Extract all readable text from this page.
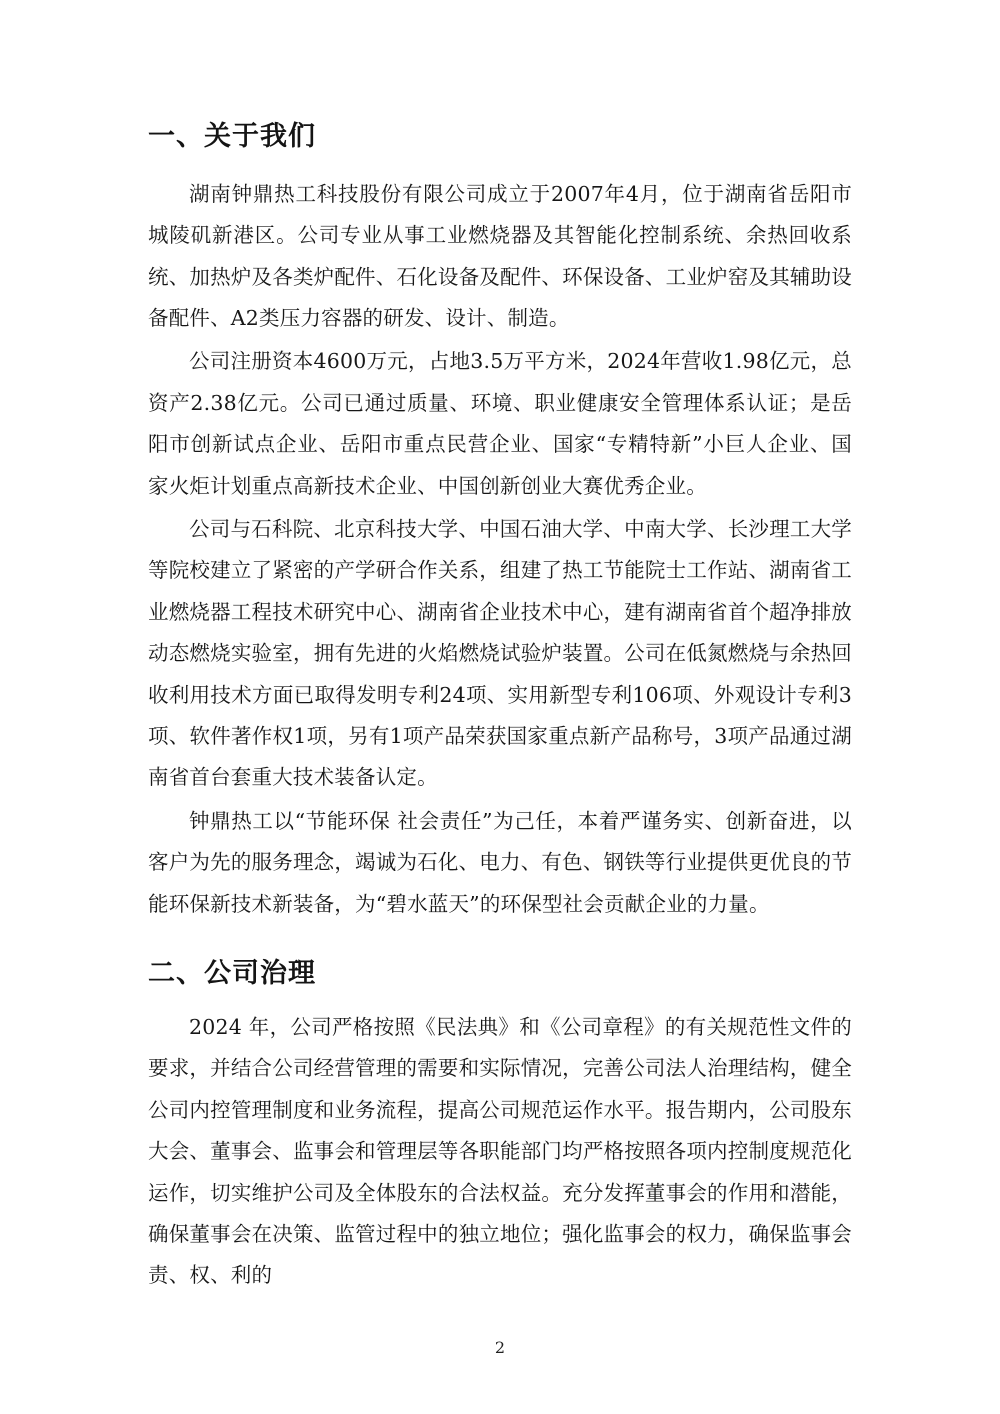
一、关于我们

湖南钟鼎热工科技股份有限公司成立于2007年4月，位于湖南省岳阳市城陵矶新港区。公司专业从事工业燃烧器及其智能化控制系统、余热回收系统、加热炉及各类炉配件、石化设备及配件、环保设备、工业炉窑及其辅助设备配件、A2类压力容器的研发、设计、制造。

公司注册资本4600万元，占地3.5万平方米，2024年营收1.98亿元，总资产2.38亿元。公司已通过质量、环境、职业健康安全管理体系认证；是岳阳市创新试点企业、岳阳市重点民营企业、国家“专精特新”小巨人企业、国家火炬计划重点高新技术企业、中国创新创业大赛优秀企业。

公司与石科院、北京科技大学、中国石油大学、中南大学、长沙理工大学等院校建立了紧密的产学研合作关系，组建了热工节能院士工作站、湖南省工业燃烧器工程技术研究中心、湖南省企业技术中心，建有湖南省首个超净排放动态燃烧实验室，拥有先进的火焰燃烧试验炉装置。公司在低氮燃烧与余热回收利用技术方面已取得发明专利24项、实用新型专利106项、外观设计专利3项、软件著作权1项，另有1项产品荣获国家重点新产品称号，3项产品通过湖南省首台套重大技术装备认定。

钟鼎热工以“节能环保 社会责任”为己任，本着严谨务实、创新奋进，以客户为先的服务理念，竭诚为石化、电力、有色、钢铁等行业提供更优良的节能环保新技术新装备，为“碧水蓝天”的环保型社会贡献企业的力量。

二、公司治理

2024 年，公司严格按照《民法典》和《公司章程》的有关规范性文件的要求，并结合公司经营管理的需要和实际情况，完善公司法人治理结构，健全公司内控管理制度和业务流程，提高公司规范运作水平。报告期内，公司股东大会、董事会、监事会和管理层等各职能部门均严格按照各项内控制度规范化运作，切实维护公司及全体股东的合法权益。充分发挥董事会的作用和潜能，确保董事会在决策、监管过程中的独立地位；强化监事会的权力，确保监事会责、权、利的

2
